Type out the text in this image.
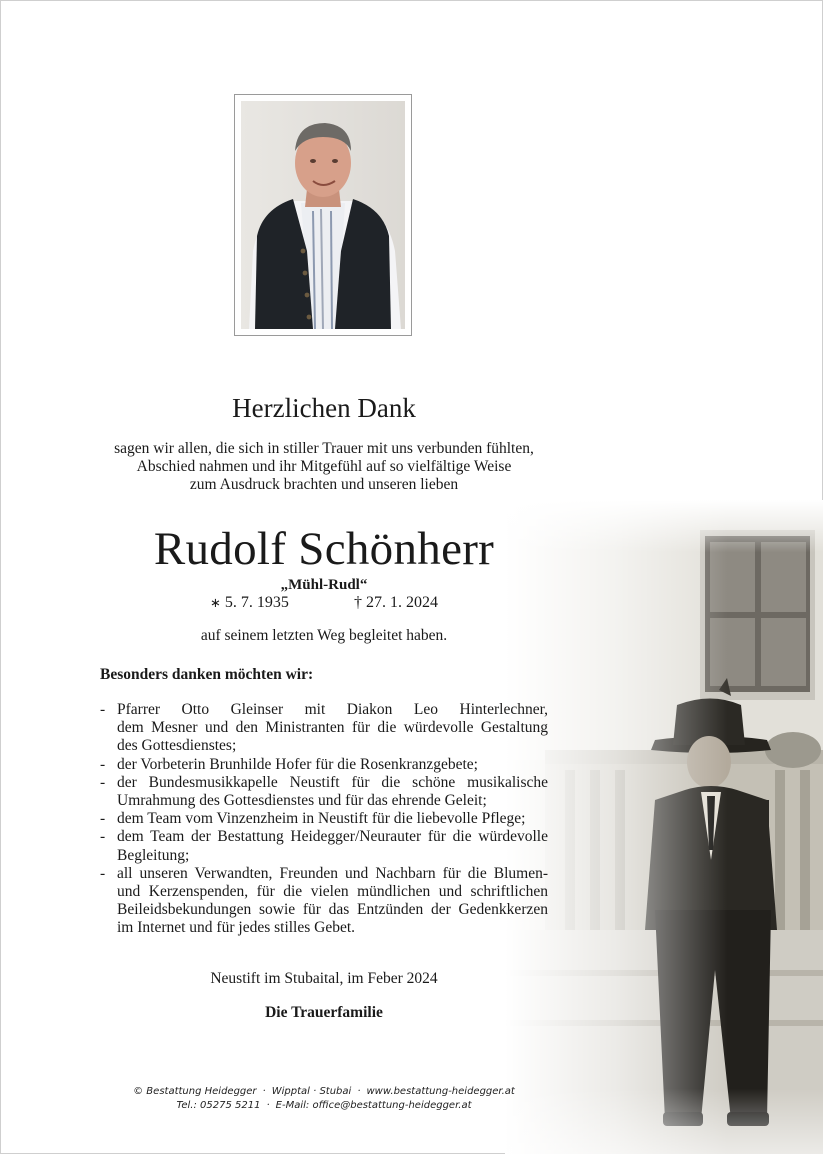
Herzlichen Dank
sagen wir allen, die sich in stiller Trauer mit uns verbunden fühlten,
Abschied nahmen und ihr Mitgefühl auf so vielfältige Weise
zum Ausdruck brachten und unseren lieben
Rudolf Schönherr
„Mühl-Rudl“
∗ 5. 7. 1935	† 27. 1. 2024
auf seinem letzten Weg begleitet haben.
Besonders danken möchten wir:
- Pfarrer Otto Gleinser mit Diakon Leo Hinterlechner,
dem Mesner und den Ministranten für die würdevolle Gestaltung
des Gottesdienstes;
- der Vorbeterin Brunhilde Hofer für die Rosenkranzgebete;
- der Bundesmusikkapelle Neustift für die schöne musikalische
Umrahmung des Gottesdienstes und für das ehrende Geleit;
- dem Team vom Vinzenzheim in Neustift für die liebevolle Pflege;
- dem Team der Bestattung Heidegger/Neurauter für die würdevolle
Begleitung;
- all unseren Verwandten, Freunden und Nachbarn für die Blumen-
und Kerzenspenden, für die vielen mündlichen und schriftlichen
Beileidsbekundungen sowie für das Entzünden der Gedenkkerzen
im Internet und für jedes stilles Gebet.
Neustift im Stubaital, im Feber 2024
Die Trauerfamilie
© Bestattung Heidegger · Wipptal · Stubai · www.bestattung-heidegger.at
Tel.: 05275 5211 · E-Mail: office@bestattung-heidegger.at
